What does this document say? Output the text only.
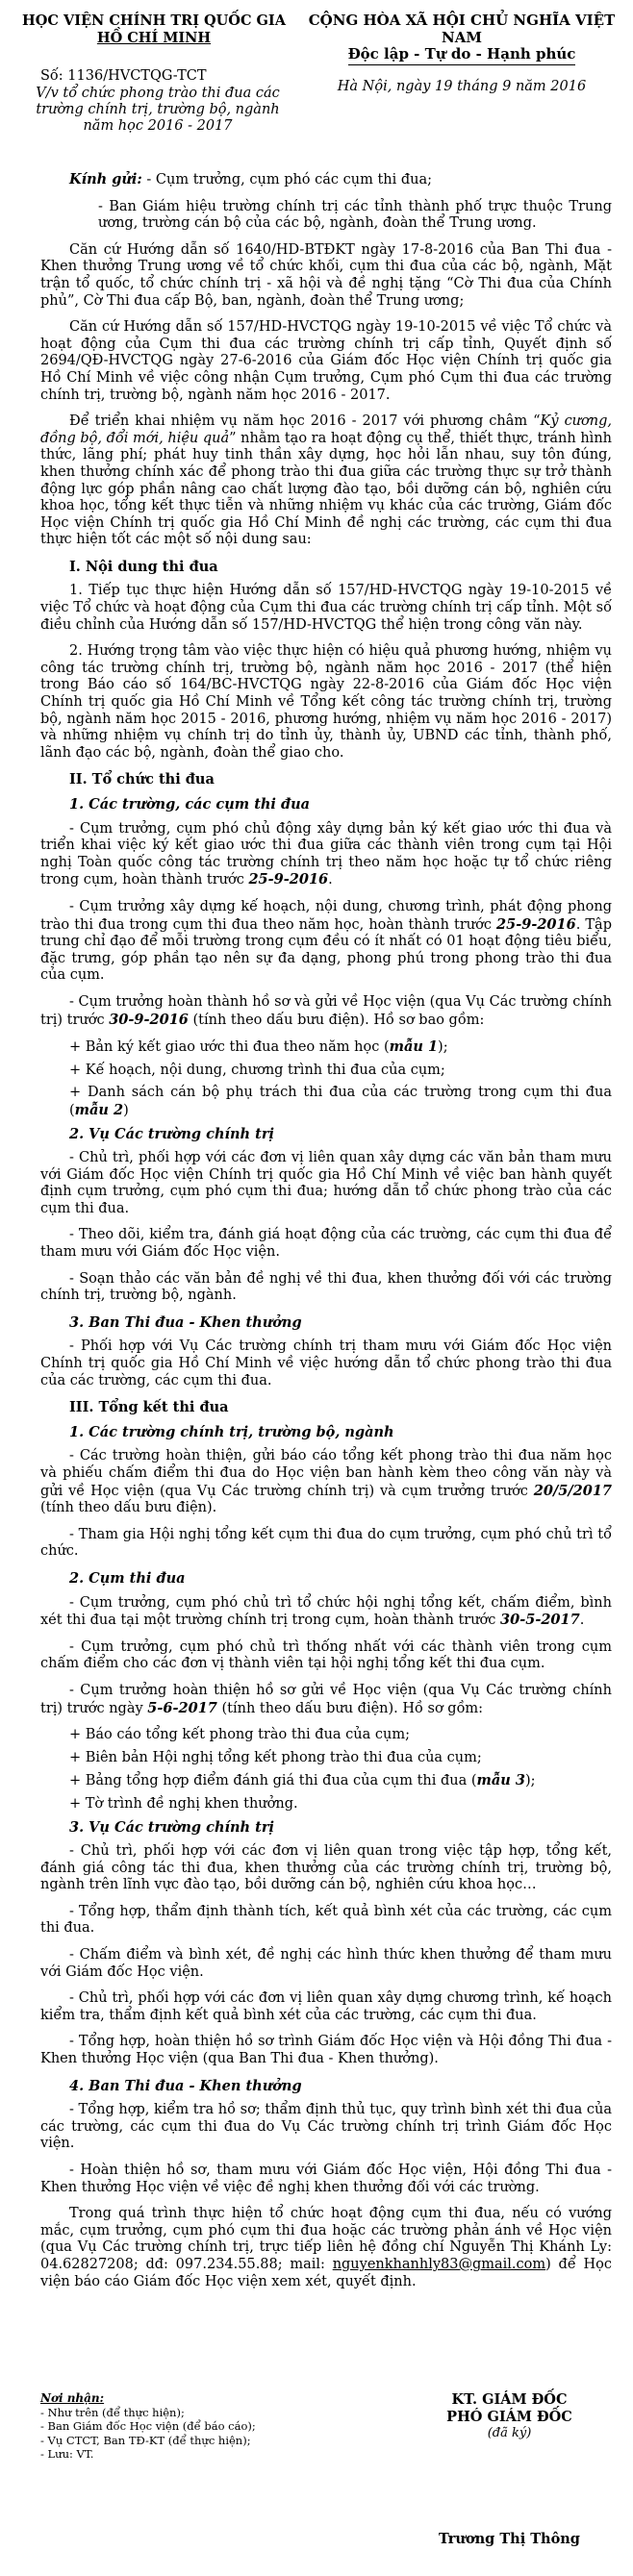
HỌC VIỆN CHÍNH TRỊ QUỐC GIA
HỒ CHÍ MINH
CỘNG HÒA XÃ HỘI CHỦ NGHĨA VIỆT NAM
Độc lập - Tự do - Hạnh phúc
Hà Nội, ngày 19 tháng 9 năm 2016
Số: 1136/HVCTQG-TCT
V/v tổ chức phong trào thi đua các trường chính trị, trường bộ, ngành năm học 2016 - 2017

Kính gửi: - Cụm trưởng, cụm phó các cụm thi đua;

- Ban Giám hiệu trường chính trị các tỉnh thành phố trực thuộc Trung ương, trường cán bộ của các bộ, ngành, đoàn thể Trung ương.

Căn cứ Hướng dẫn số 1640/HD-BTĐKT ngày 17-8-2016 của Ban Thi đua - Khen thưởng Trung ương về tổ chức khối, cụm thi đua của các bộ, ngành, Mặt trận tổ quốc, tổ chức chính trị - xã hội và đề nghị tặng “Cờ Thi đua của Chính phủ”, Cờ Thi đua cấp Bộ, ban, ngành, đoàn thể Trung ương;

Căn cứ Hướng dẫn số 157/HD-HVCTQG ngày 19-10-2015 về việc Tổ chức và hoạt động của Cụm thi đua các trường chính trị cấp tỉnh, Quyết định số 2694/QĐ-HVCTQG ngày 27-6-2016 của Giám đốc Học viện Chính trị quốc gia Hồ Chí Minh về việc công nhận Cụm trưởng, Cụm phó Cụm thi đua các trường chính trị, trường bộ, ngành năm học 2016 - 2017.

Để triển khai nhiệm vụ năm học 2016 - 2017 với phương châm “Kỷ cương, đồng bộ, đổi mới, hiệu quả” nhằm tạo ra hoạt động cụ thể, thiết thực, tránh hình thức, lãng phí; phát huy tinh thần xây dựng, học hỏi lẫn nhau, suy tôn đúng, khen thưởng chính xác để phong trào thi đua giữa các trường thực sự trở thành động lực góp phần nâng cao chất lượng đào tạo, bồi dưỡng cán bộ, nghiên cứu khoa học, tổng kết thực tiễn và những nhiệm vụ khác của các trường, Giám đốc Học viện Chính trị quốc gia Hồ Chí Minh đề nghị các trường, các cụm thi đua thực hiện tốt các một số nội dung sau:

I. Nội dung thi đua

1. Tiếp tục thực hiện Hướng dẫn số 157/HD-HVCTQG ngày 19-10-2015 về việc Tổ chức và hoạt động của Cụm thi đua các trường chính trị cấp tỉnh. Một số điều chỉnh của Hướng dẫn số 157/HD-HVCTQG thể hiện trong công văn này.

2. Hướng trọng tâm vào việc thực hiện có hiệu quả phương hướng, nhiệm vụ công tác trường chính trị, trường bộ, ngành năm học 2016 - 2017 (thể hiện trong Báo cáo số 164/BC-HVCTQG ngày 22-8-2016 của Giám đốc Học viện Chính trị quốc gia Hồ Chí Minh về Tổng kết công tác trường chính trị, trường bộ, ngành năm học 2015 - 2016, phương hướng, nhiệm vụ năm học 2016 - 2017) và những nhiệm vụ chính trị do tỉnh ủy, thành ủy, UBND các tỉnh, thành phố, lãnh đạo các bộ, ngành, đoàn thể giao cho.

II. Tổ chức thi đua

1. Các trường, các cụm thi đua

- Cụm trưởng, cụm phó chủ động xây dựng bản ký kết giao ước thi đua và triển khai việc ký kết giao ước thi đua giữa các thành viên trong cụm tại Hội nghị Toàn quốc công tác trường chính trị theo năm học hoặc tự tổ chức riêng trong cụm, hoàn thành trước 25-9-2016.

- Cụm trưởng xây dựng kế hoạch, nội dung, chương trình, phát động phong trào thi đua trong cụm thi đua theo năm học, hoàn thành trước 25-9-2016. Tập trung chỉ đạo để mỗi trường trong cụm đều có ít nhất có 01 hoạt động tiêu biểu, đặc trưng, góp phần tạo nên sự đa dạng, phong phú trong phong trào thi đua của cụm.

- Cụm trưởng hoàn thành hồ sơ và gửi về Học viện (qua Vụ Các trường chính trị) trước 30-9-2016 (tính theo dấu bưu điện). Hồ sơ bao gồm:

+ Bản ký kết giao ước thi đua theo năm học (mẫu 1);

+ Kế hoạch, nội dung, chương trình thi đua của cụm;

+ Danh sách cán bộ phụ trách thi đua của các trường trong cụm thi đua (mẫu 2)

2. Vụ Các trường chính trị

- Chủ trì, phối hợp với các đơn vị liên quan xây dựng các văn bản tham mưu với Giám đốc Học viện Chính trị quốc gia Hồ Chí Minh về việc ban hành quyết định cụm trưởng, cụm phó cụm thi đua; hướng dẫn tổ chức phong trào của các cụm thi đua.

- Theo dõi, kiểm tra, đánh giá hoạt động của các trường, các cụm thi đua để tham mưu với Giám đốc Học viện.

- Soạn thảo các văn bản đề nghị về thi đua, khen thưởng đối với các trường chính trị, trường bộ, ngành.

3. Ban Thi đua - Khen thưởng

- Phối hợp với Vụ Các trường chính trị tham mưu với Giám đốc Học viện Chính trị quốc gia Hồ Chí Minh về việc hướng dẫn tổ chức phong trào thi đua của các trường, các cụm thi đua.

III. Tổng kết thi đua

1. Các trường chính trị, trường bộ, ngành

- Các trường hoàn thiện, gửi báo cáo tổng kết phong trào thi đua năm học và phiếu chấm điểm thi đua do Học viện ban hành kèm theo công văn này và gửi về Học viện (qua Vụ Các trường chính trị) và cụm trưởng trước 20/5/2017 (tính theo dấu bưu điện).

- Tham gia Hội nghị tổng kết cụm thi đua do cụm trưởng, cụm phó chủ trì tổ chức.

2. Cụm thi đua

- Cụm trưởng, cụm phó chủ trì tổ chức hội nghị tổng kết, chấm điểm, bình xét thi đua tại một trường chính trị trong cụm, hoàn thành trước 30-5-2017.

- Cụm trưởng, cụm phó chủ trì thống nhất với các thành viên trong cụm chấm điểm cho các đơn vị thành viên tại hội nghị tổng kết thi đua cụm.

- Cụm trưởng hoàn thiện hồ sơ gửi về Học viện (qua Vụ Các trường chính trị) trước ngày 5-6-2017 (tính theo dấu bưu điện). Hồ sơ gồm:

+ Báo cáo tổng kết phong trào thi đua của cụm;

+ Biên bản Hội nghị tổng kết phong trào thi đua của cụm;

+ Bảng tổng hợp điểm đánh giá thi đua của cụm thi đua (mẫu 3);

+ Tờ trình đề nghị khen thưởng.

3. Vụ Các trường chính trị

- Chủ trì, phối hợp với các đơn vị liên quan trong việc tập hợp, tổng kết, đánh giá công tác thi đua, khen thưởng của các trường chính trị, trường bộ, ngành trên lĩnh vực đào tạo, bồi dưỡng cán bộ, nghiên cứu khoa học…

- Tổng hợp, thẩm định thành tích, kết quả bình xét của các trường, các cụm thi đua.

- Chấm điểm và bình xét, đề nghị các hình thức khen thưởng để tham mưu với Giám đốc Học viện.

- Chủ trì, phối hợp với các đơn vị liên quan xây dựng chương trình, kế hoạch kiểm tra, thẩm định kết quả bình xét của các trường, các cụm thi đua.

- Tổng hợp, hoàn thiện hồ sơ trình Giám đốc Học viện và Hội đồng Thi đua - Khen thưởng Học viện (qua Ban Thi đua - Khen thưởng).

4. Ban Thi đua - Khen thưởng

- Tổng hợp, kiểm tra hồ sơ; thẩm định thủ tục, quy trình bình xét thi đua của các trường, các cụm thi đua do Vụ Các trường chính trị trình Giám đốc Học viện.

- Hoàn thiện hồ sơ, tham mưu với Giám đốc Học viện, Hội đồng Thi đua - Khen thưởng Học viện về việc đề nghị khen thưởng đối với các trường.

Trong quá trình thực hiện tổ chức hoạt động cụm thi đua, nếu có vướng mắc, cụm trưởng, cụm phó cụm thi đua hoặc các trường phản ánh về Học viện (qua Vụ Các trường chính trị, trực tiếp liên hệ đồng chí Nguyễn Thị Khánh Ly: 04.62827208; dđ: 097.234.55.88; mail: nguyenkhanhly83@gmail.com) để Học viện báo cáo Giám đốc Học viện xem xét, quyết định.

Nơi nhận:
- Như trên (để thực hiện);
- Ban Giám đốc Học viện (để báo cáo);
- Vụ CTCT, Ban TĐ-KT (để thực hiện);
- Lưu: VT.
KT. GIÁM ĐỐC
PHÓ GIÁM ĐỐC
(đã ký)
Trương Thị Thông
